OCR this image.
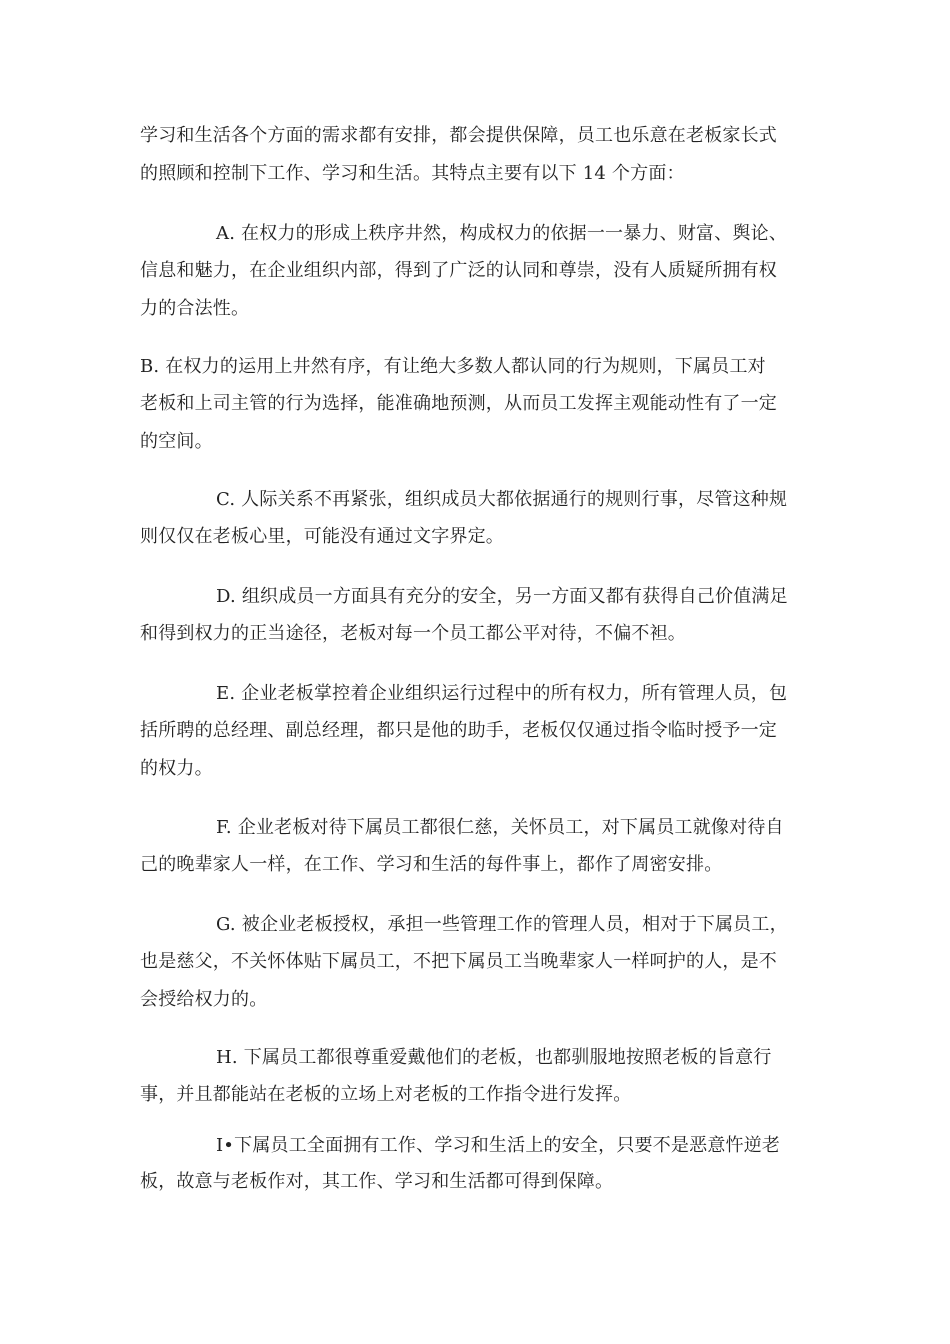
学习和生活各个方面的需求都有安排，都会提供保障，员工也乐意在老板家长式
的照顾和控制下工作、学习和生活。其特点主要有以下 14 个方面：
A. 在权力的形成上秩序井然，构成权力的依据一一暴力、财富、舆论、
信息和魅力，在企业组织内部，得到了广泛的认同和尊崇，没有人质疑所拥有权
力的合法性。
B. 在权力的运用上井然有序，有让绝大多数人都认同的行为规则，下属员工对
老板和上司主管的行为选择，能准确地预测，从而员工发挥主观能动性有了一定
的空间。
C. 人际关系不再紧张，组织成员大都依据通行的规则行事，尽管这种规
则仅仅在老板心里，可能没有通过文字界定。
D. 组织成员一方面具有充分的安全，另一方面又都有获得自己价值满足
和得到权力的正当途径，老板对每一个员工都公平对待，不偏不袒。
E. 企业老板掌控着企业组织运行过程中的所有权力，所有管理人员，包
括所聘的总经理、副总经理，都只是他的助手，老板仅仅通过指令临时授予一定
的权力。
F. 企业老板对待下属员工都很仁慈，关怀员工，对下属员工就像对待自
己的晚辈家人一样，在工作、学习和生活的每件事上，都作了周密安排。
G. 被企业老板授权，承担一些管理工作的管理人员，相对于下属员工，
也是慈父，不关怀体贴下属员工，不把下属员工当晚辈家人一样呵护的人，是不
会授给权力的。
H. 下属员工都很尊重爱戴他们的老板，也都驯服地按照老板的旨意行
事，并且都能站在老板的立场上对老板的工作指令进行发挥。
I•下属员工全面拥有工作、学习和生活上的安全，只要不是恶意忤逆老
板，故意与老板作对，其工作、学习和生活都可得到保障。
